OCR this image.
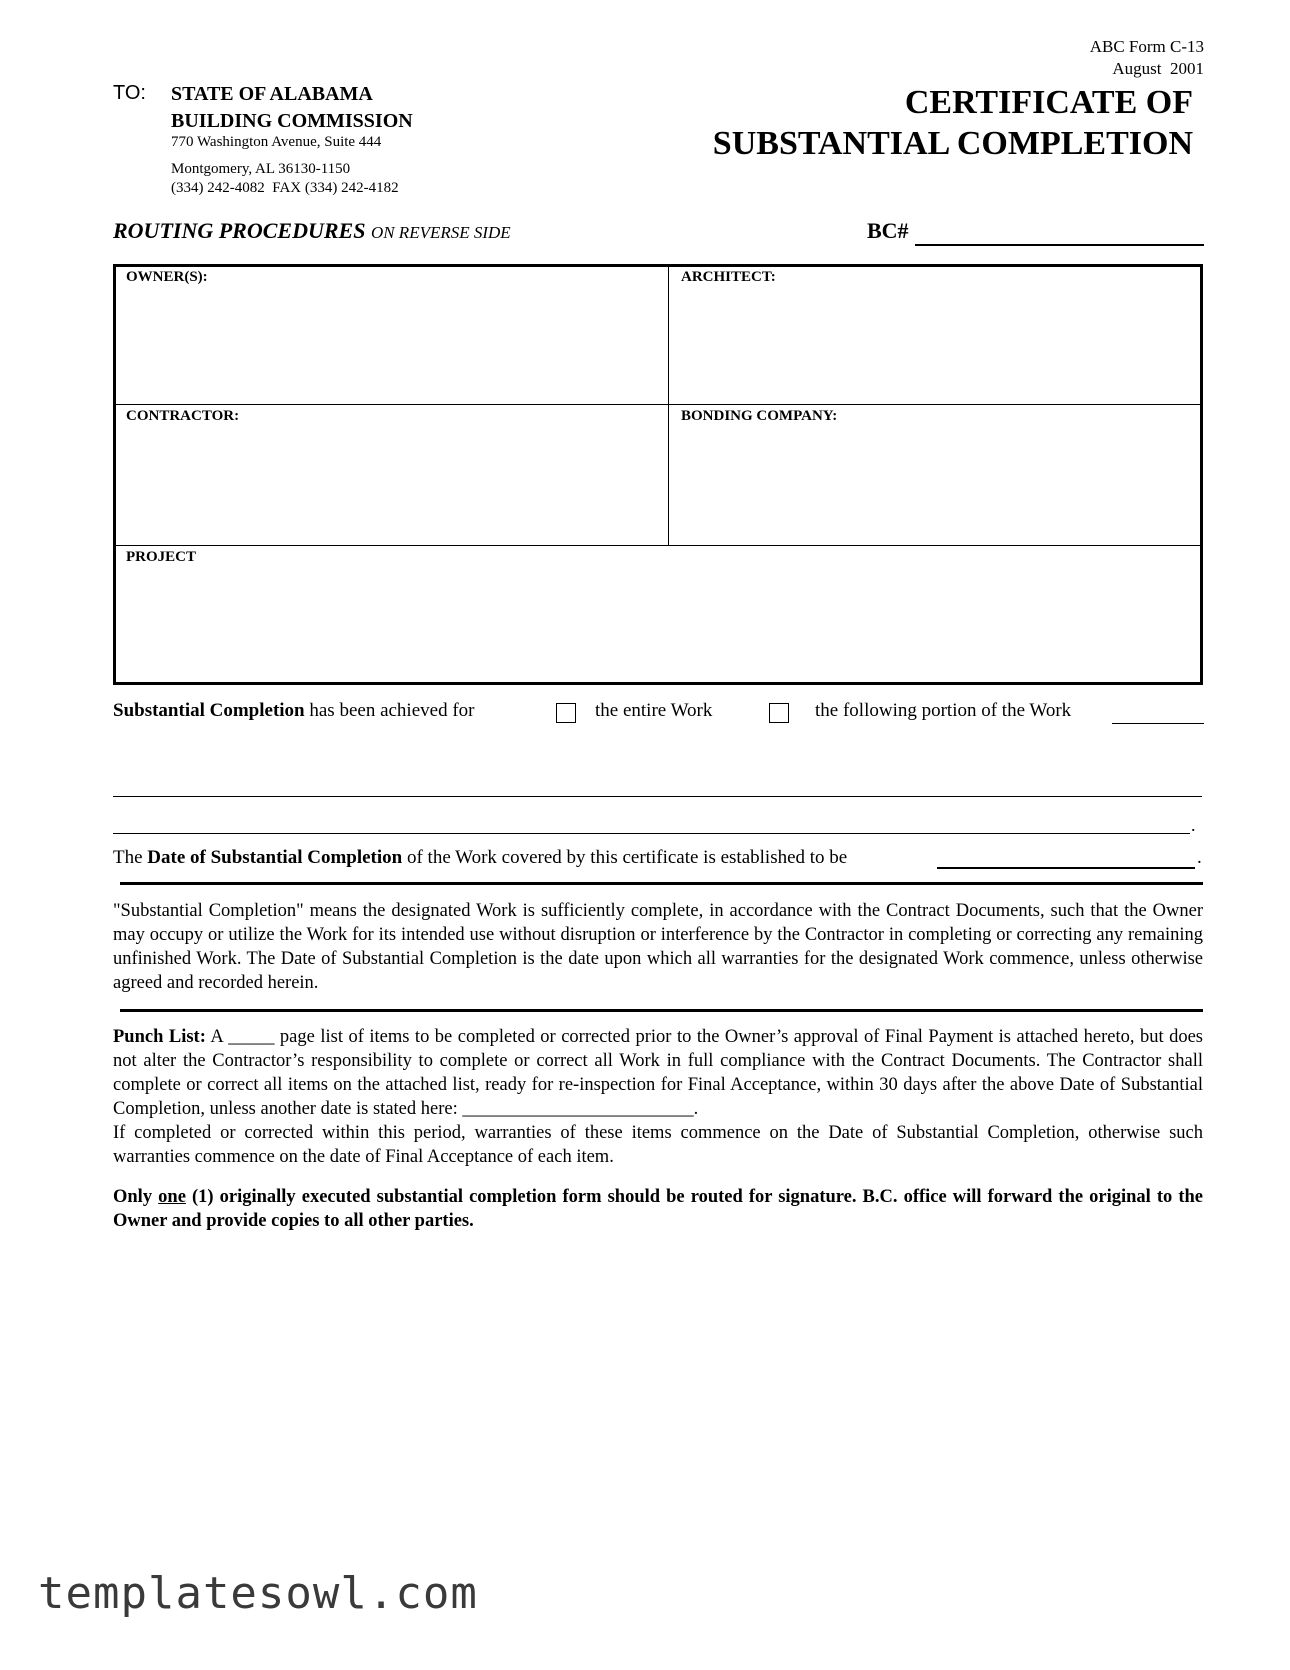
ABC Form C-13
August  2001
TO: STATE OF ALABAMA
BUILDING COMMISSION
770 Washington Avenue, Suite 444
Montgomery, AL 36130-1150
(334) 242-4082  FAX (334) 242-4182
CERTIFICATE OF
SUBSTANTIAL COMPLETION
ROUTING PROCEDURES ON REVERSE SIDE	BC#
OWNER(S):	ARCHITECT:
CONTRACTOR:	BONDING COMPANY:
PROJECT
Substantial Completion has been achieved for	the entire Work	the following portion of the Work
.
The Date of Substantial Completion of the Work covered by this certificate is established to be	.
"Substantial Completion" means the designated Work is sufficiently complete, in accordance with the Contract Documents, such that the Owner may occupy or utilize the Work for its intended use without disruption or interference by the Contractor in completing or correcting any remaining unfinished Work. The Date of Substantial Completion is the date upon which all warranties for the designated Work commence, unless otherwise agreed and recorded herein.
Punch List: A _____ page list of items to be completed or corrected prior to the Owner’s approval of Final Payment is attached hereto, but does not alter the Contractor’s responsibility to complete or correct all Work in full compliance with the Contract Documents. The Contractor shall complete or correct all items on the attached list, ready for re-inspection for Final Acceptance, within 30 days after the above Date of Substantial Completion, unless another date is stated here: _________________________.
If completed or corrected within this period, warranties of these items commence on the Date of Substantial Completion, otherwise such warranties commence on the date of Final Acceptance of each item.
Only one (1) originally executed substantial completion form should be routed for signature. B.C. office will forward the original to the Owner and provide copies to all other parties.
templatesowl.com
